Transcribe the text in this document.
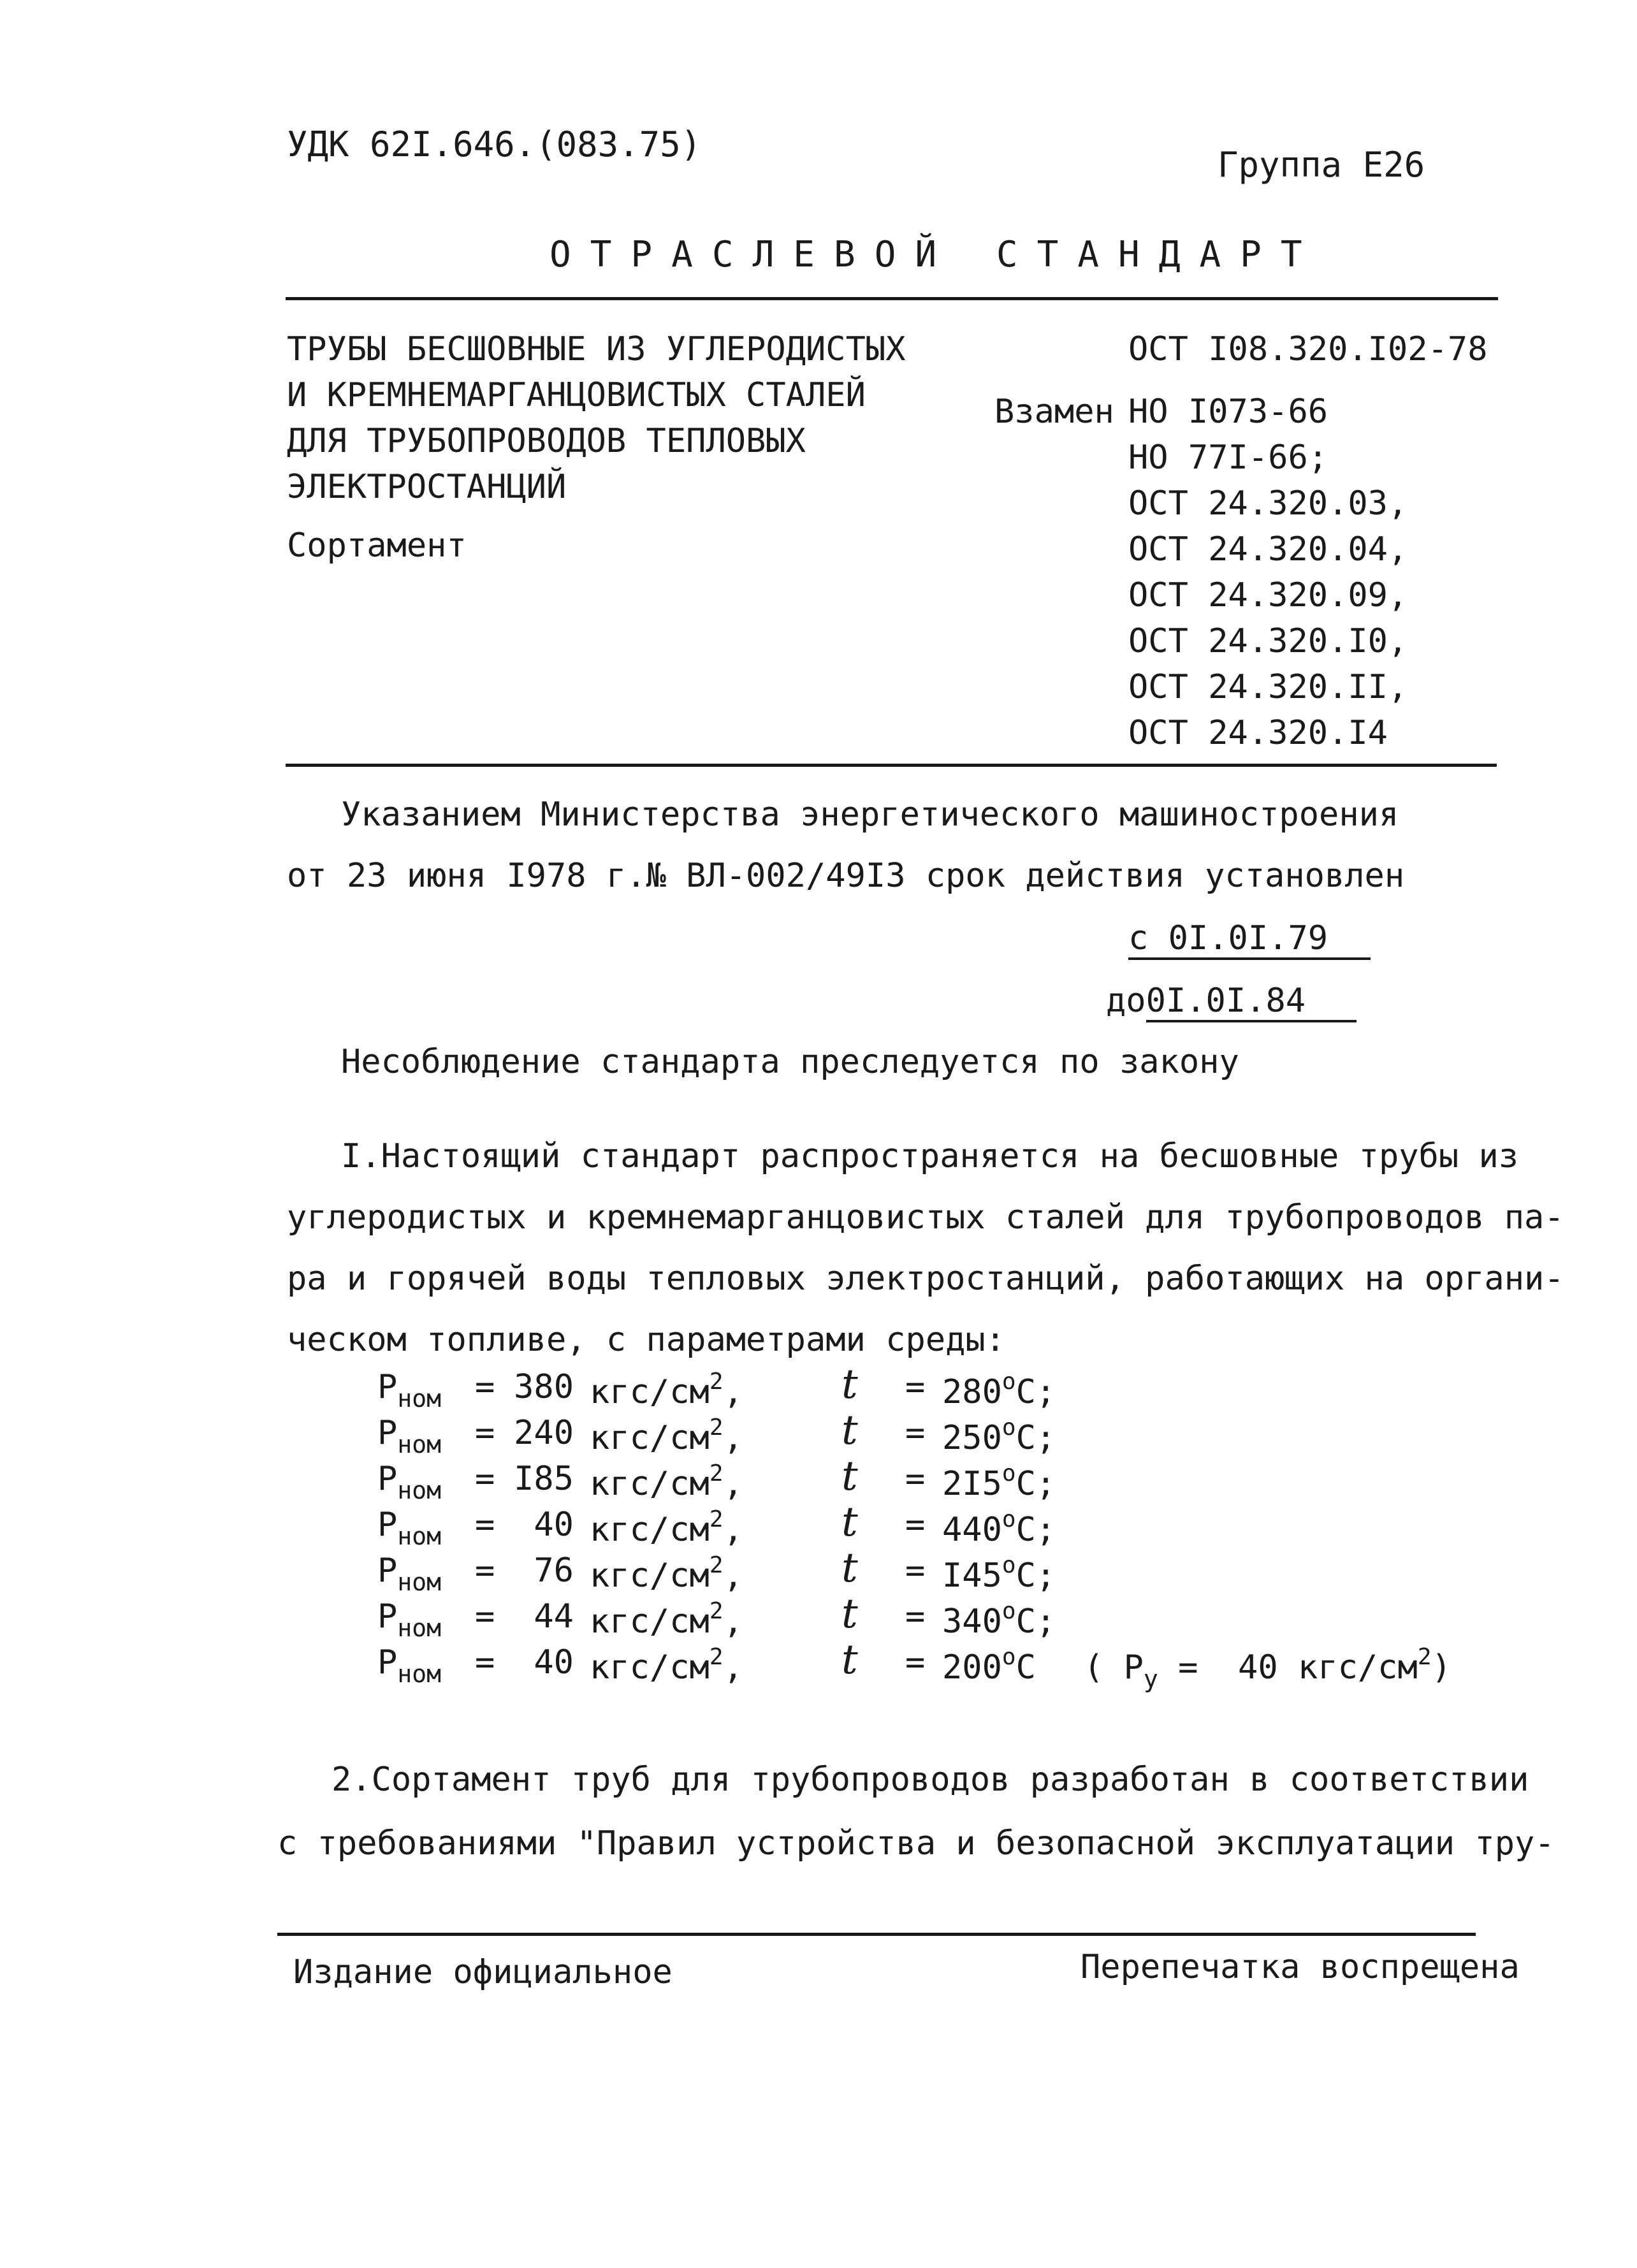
УДК 62I.646.(083.75)
Группа Е26
ОТРАСЛЕВОЙ СТАНДАРТ
ТРУБЫ БЕСШОВНЫЕ ИЗ УГЛЕРОДИСТЫХ
И КРЕМНЕМАРГАНЦОВИСТЫХ СТАЛЕЙ
ДЛЯ ТРУБОПРОВОДОВ ТЕПЛОВЫХ
ЭЛЕКТРОСТАНЦИЙ
Сортамент
ОСТ I08.320.I02-78
Взамен НО I073-66
НО 77I-66;
ОСТ 24.320.03,
ОСТ 24.320.04,
ОСТ 24.320.09,
ОСТ 24.320.I0,
ОСТ 24.320.II,
ОСТ 24.320.I4
Указанием Министерства энергетического машиностроения
от 23 июня I978 г.№ ВЛ-002/49I3 срок действия установлен
с 0I.0I.79
до0I.0I.84
Несоблюдение стандарта преследуется по закону
I.Настоящий стандарт распространяется на бесшовные трубы из
углеродистых и кремнемарганцовистых сталей для трубопроводов па-
ра и горячей воды тепловых электростанций, работающих на органи-
ческом топливе, с параметрами среды:
$P_{ном} = 380$ кгс/$см^2$, $t = 280^oC$;
$P_{ном} = 240$ кгс/$см^2$, $t = 250^oC$;
$P_{ном} = I85$ кгс/$см^2$, $t = 2I5^oC$;
$P_{ном}$ =	40 кгс/$см^2$, $t = 440^oC$;
$P_{ном}$ =	76 кгс/$см^2$, $t = I45^oC$;
$P_{ном}$ =	44 кгс/$см^2$, $t = 340^oC$;
$P_{ном}$ =	40 кгс/$см^2$, $t = 200^oC$ ( $P_у = 40$ кгс/$см^2$)
2.Сортамент труб для трубопроводов разработан в соответствии
с требованиями "Правил устройства и безопасной эксплуатации тру-
Издание официальное	Перепечатка воспрещена
